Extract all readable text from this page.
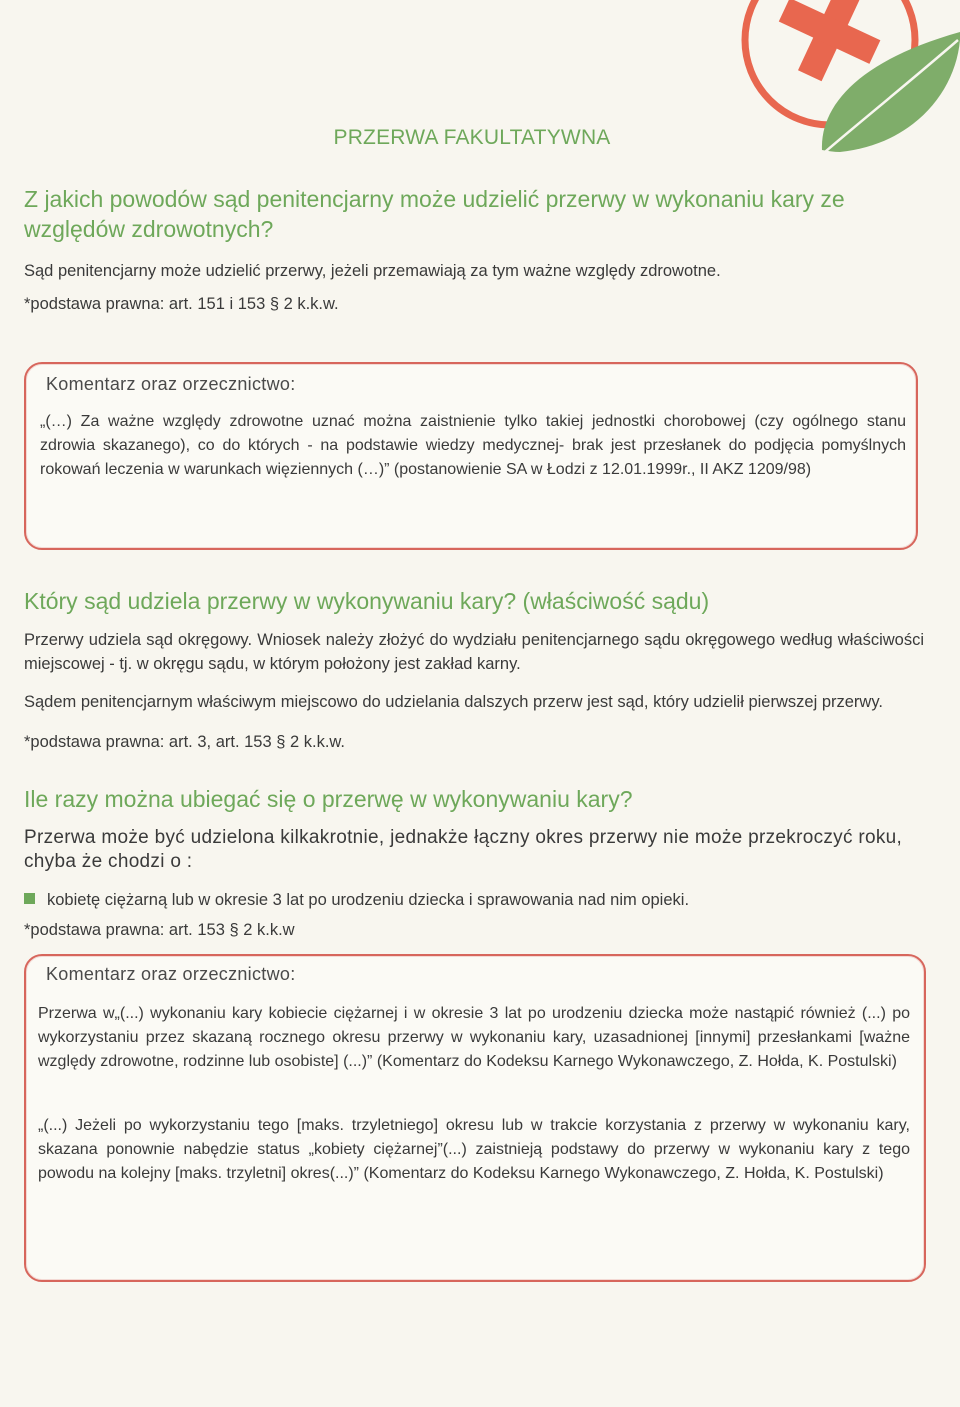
PRZERWA FAKULTATYWNA
Z jakich powodów sąd penitencjarny może udzielić przerwy w wykonaniu kary ze względów zdrowotnych?
Sąd penitencjarny może udzielić przerwy, jeżeli przemawiają za tym ważne względy zdrowotne.
*podstawa prawna: art. 151 i 153 § 2 k.k.w.
Komentarz oraz orzecznictwo:
„(…) Za ważne względy zdrowotne uznać można zaistnienie tylko takiej jednostki chorobowej (czy ogólnego stanu zdrowia skazanego), co do których - na podstawie wiedzy medycznej- brak jest przesłanek do podjęcia pomyślnych rokowań leczenia w warunkach więziennych (…)” (postanowienie SA w Łodzi z 12.01.1999r., II AKZ 1209/98)
Który sąd udziela przerwy w wykonywaniu kary? (właściwość sądu)
Przerwy udziela sąd okręgowy. Wniosek należy złożyć do wydziału penitencjarnego sądu okręgowego według właściwości miejscowej - tj. w okręgu sądu, w którym położony jest zakład karny.
Sądem penitencjarnym właściwym miejscowo do udzielania dalszych przerw jest sąd, który udzielił pierwszej przerwy.
*podstawa prawna: art. 3, art. 153 § 2 k.k.w.
Ile razy można ubiegać się o przerwę w wykonywaniu kary?
Przerwa może być udzielona kilkakrotnie, jednakże łączny okres przerwy nie może przekroczyć roku, chyba że chodzi o :
kobietę ciężarną lub w okresie 3 lat po urodzeniu dziecka i sprawowania nad nim opieki.
*podstawa prawna: art. 153 § 2 k.k.w
Komentarz oraz orzecznictwo:
Przerwa w„(...) wykonaniu kary kobiecie ciężarnej i w okresie 3 lat po urodzeniu dziecka może nastąpić również (...) po wykorzystaniu przez skazaną rocznego okresu przerwy w wykonaniu kary, uzasadnionej [innymi] przesłankami [ważne względy zdrowotne, rodzinne lub osobiste] (...)” (Komentarz do Kodeksu Karnego Wykonawczego, Z. Hołda, K. Postulski)
„(...) Jeżeli po wykorzystaniu tego [maks. trzyletniego] okresu lub w trakcie korzystania z przerwy w wykonaniu kary, skazana ponownie nabędzie status „kobiety ciężarnej”(...) zaistnieją podstawy do przerwy w wykonaniu kary z tego powodu na kolejny [maks. trzyletni] okres(...)” (Komentarz do Kodeksu Karnego Wykonawczego, Z. Hołda, K. Postulski)
